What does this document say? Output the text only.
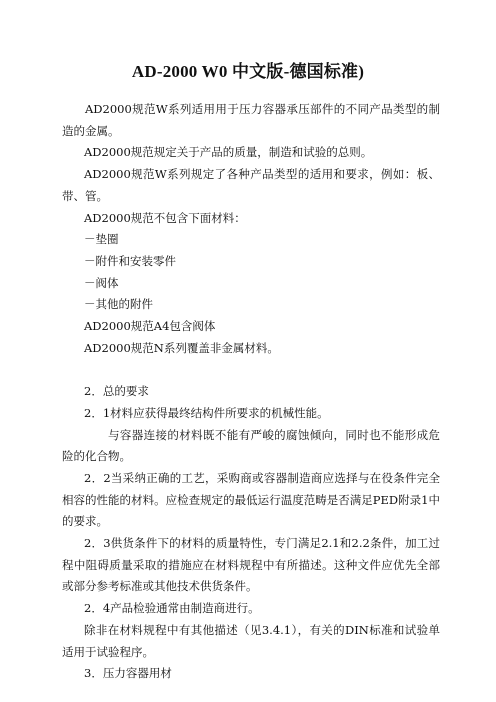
AD-2000 W0 中文版-德国标准)

AD2000规范W系列适用用于压力容器承压部件的不同产品类型的制造的金属。

AD2000规范规定关于产品的质量，制造和试验的总则。

AD2000规范W系列规定了各种产品类型的适用和要求，例如：板、带、管。

AD2000规范不包含下面材料：

－垫圈

－附件和安装零件

－阀体

－其他的附件

AD2000规范A4包含阀体

AD2000规范N系列覆盖非金属材料。

2．总的要求

2．1材料应获得最终结构件所要求的机械性能。

与容器连接的材料既不能有严峻的腐蚀倾向，同时也不能形成危险的化合物。

2．2当采纳正确的工艺，采购商或容器制造商应选择与在役条件完全相容的性能的材料。应检查规定的最低运行温度范畴是否满足PED附录1中的要求。

2．3供货条件下的材料的质量特性，专门满足2.1和2.2条件，加工过程中阻碍质量采取的措施应在材料规程中有所描述。这种文件应优先全部或部分参考标准或其他技术供货条件。

2．4产品检验通常由制造商进行。

除非在材料规程中有其他描述（见3.4.1），有关的DIN标准和试验单适用于试验程序。

3．压力容器用材
